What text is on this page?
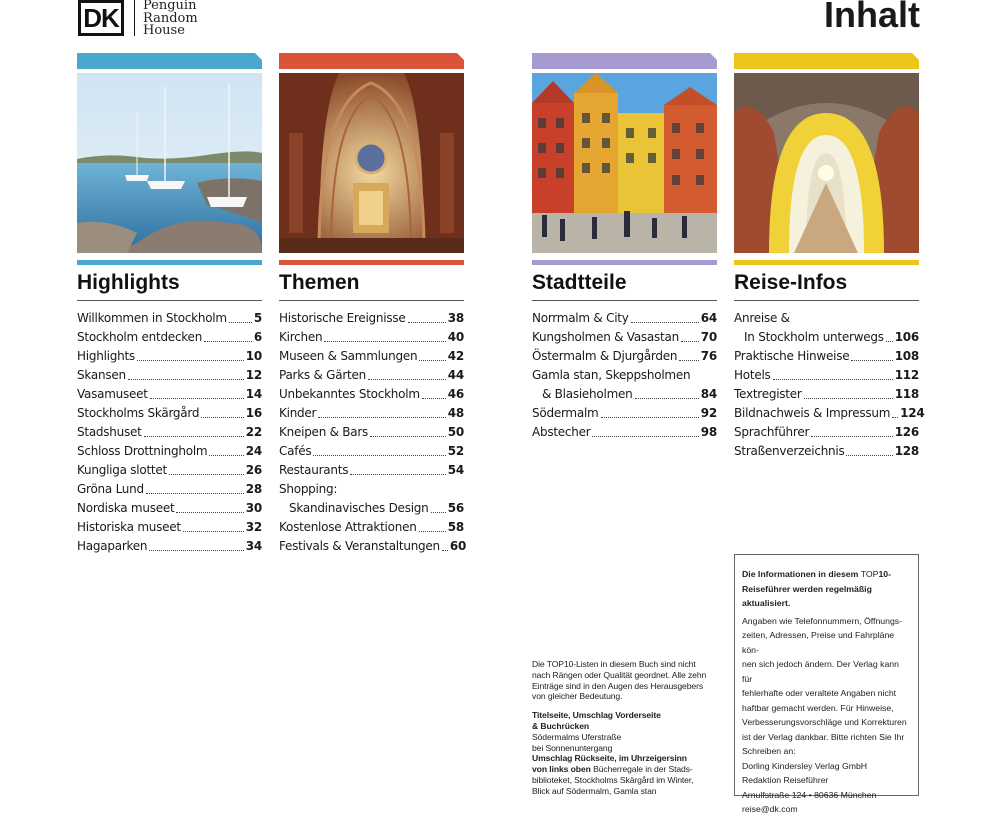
DK Penguin
Random
House	Inhalt
Highlights
Willkommen in Stockholm 5
Stockholm entdecken	6
Highlights	10
Skansen	12
Vasamuseet	14
Stockholms Skärgård	16
Stadshuset	22
Schloss Drottningholm	24
Kungliga slottet	26
Gröna Lund	28
Nordiska museet	30
Historiska museet	32
Hagaparken	34
Themen
Historische Ereignisse	38
Kirchen	40
Museen & Sammlungen	42
Parks & Gärten	44
Unbekanntes Stockholm 46
Kinder	48
Kneipen & Bars	50
Cafés	52
Restaurants	54
Shopping:
Skandinavisches Design 56
Kostenlose Attraktionen	58
Festivals & Veranstaltungen 60
Stadtteile
Norrmalm & City	64
Kungsholmen & Vasastan 70
Östermalm & Djurgården 76
Gamla stan, Skeppsholmen
& Blasieholmen	84
Södermalm	92
Abstecher	98
Reise-Infos
Anreise &
In Stockholm unterwegs 106
Praktische Hinweise	108
Hotels	112
Textregister	118
Bildnachweis & Impressum 124
Sprachführer	126
Straßenverzeichnis	128
Die TOP10-Listen in diesem Buch sind nicht
nach Rängen oder Qualität geordnet. Alle zehn
Einträge sind in den Augen des Herausgebers
von gleicher Bedeutung.
Titelseite, Umschlag Vorderseite
& Buchrücken
Södermalms Uferstraße
bei Sonnenuntergang
Umschlag Rückseite, im Uhrzeigersinn
von links oben Bücherregale in der Stads-
biblioteket, Stockholms Skärgård im Winter,
Blick auf Södermalm, Gamla stan
Die Informationen in diesem TOP10-
Reiseführer werden regelmäßig
aktualisiert.
Angaben wie Telefonnummern, Öffnungs-
zeiten, Adressen, Preise und Fahrpläne kön-
nen sich jedoch ändern. Der Verlag kann für
fehlerhafte oder veraltete Angaben nicht
haftbar gemacht werden. Für Hinweise,
Verbesserungsvorschläge und Korrekturen
ist der Verlag dankbar. Bitte richten Sie Ihr
Schreiben an:
Dorling Kindersley Verlag GmbH
Redaktion Reiseführer
Arnulfstraße 124 • 80636 München
reise@dk.com
